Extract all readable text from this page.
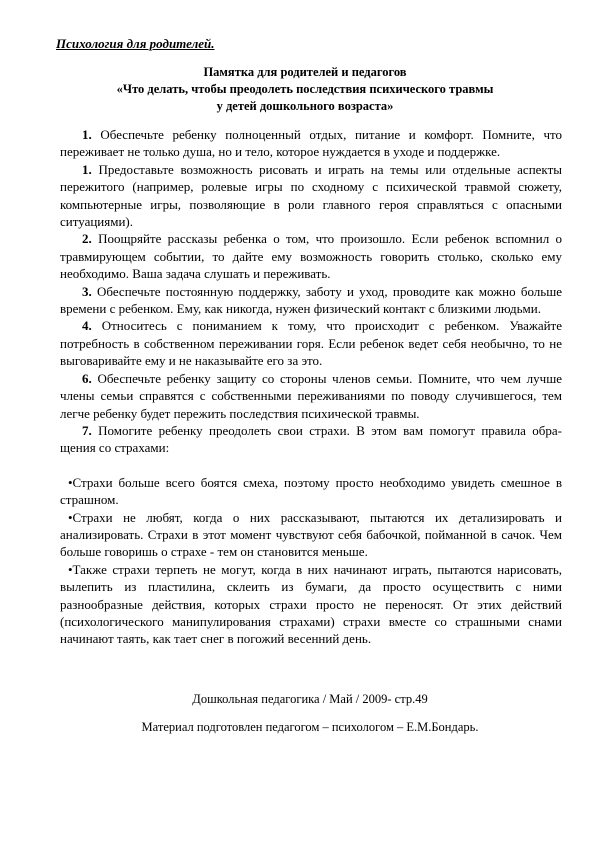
Психология для родителей.
Памятка для родителей и педагогов
«Что делать, чтобы преодолеть последствия психического травмы
у детей дошкольного возраста»

1. Обеспечьте ребенку полноценный отдых, питание и комфорт. Помните, что переживает не только душа, но и тело, которое нуждается в уходе и поддержке.

1. Предоставьте возможность рисовать и играть на темы или отдельные аспекты пережитого (например, ролевые игры по сходному с психической травмой сюжету, компьютерные игры, позволяющие в роли главного героя справляться с опасными ситуациями).

2. Поощряйте рассказы ребенка о том, что произошло. Если ребенок вспомнил о травмирующем событии, то дайте ему возможность говорить столько, сколько ему необходимо. Ваша задача слушать и переживать.

3. Обеспечьте постоянную поддержку, заботу и уход, проводите как можно больше времени с ребенком. Ему, как никогда, нужен физический контакт с близкими людьми.

4. Относитесь с пониманием к тому, что происходит с ребенком. Уважайте потребность в собственном переживании горя. Если ребенок ведет себя необычно, то не выговаривайте ему и не наказывайте его за это.

6. Обеспечьте ребенку защиту со стороны членов семьи. Помните, что чем лучше члены семьи справятся с собственными переживаниями по поводу случившегося, тем легче ребенку будет пережить последствия психической травмы.

7. Помогите ребенку преодолеть свои страхи. В этом вам помогут правила обра-щения со страхами:

•Страхи больше всего боятся смеха, поэтому просто необходимо увидеть смешное в страшном.

•Страхи не любят, когда о них рассказывают, пытаются их детализировать и анализировать. Страхи в этот момент чувствуют себя бабочкой, пойманной в сачок. Чем больше говоришь о страхе - тем он становится меньше.

•Также страхи терпеть не могут, когда в них начинают играть, пытаются нарисовать, вылепить из пластилина, склеить из бумаги, да просто осуществить с ними разнообразные действия, которых страхи просто не переносят. От этих действий (психологического манипулирования страхами) страхи вместе со страшными снами начинают таять, как тает снег в погожий весенний день.

Дошкольная педагогика / Май / 2009- стр.49
Материал подготовлен педагогом – психологом – Е.М.Бондарь.
